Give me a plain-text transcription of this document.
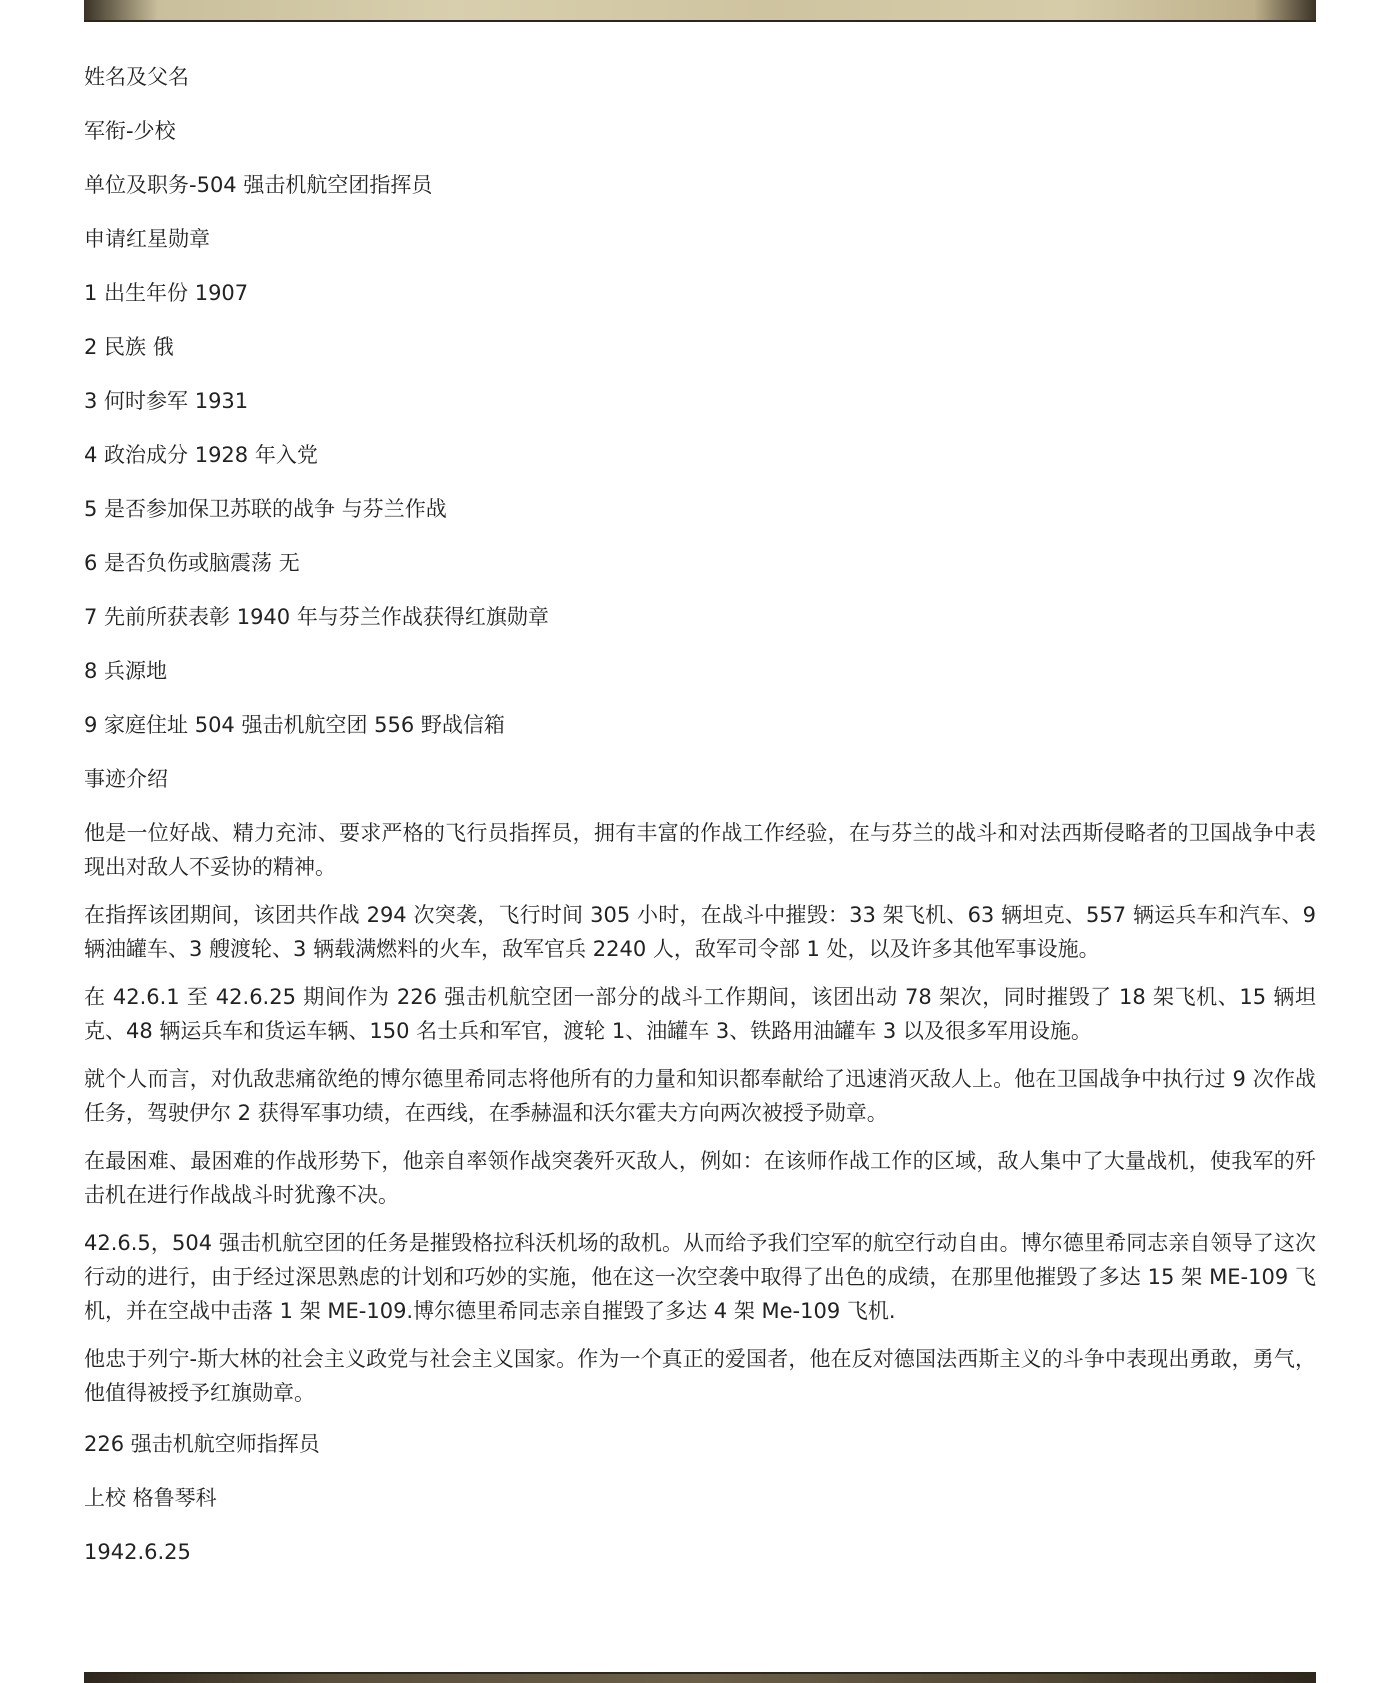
姓名及父名
军衔-少校
单位及职务-504 强击机航空团指挥员
申请红星勋章
1 出生年份 1907
2 民族 俄
3 何时参军 1931
4 政治成分 1928 年入党
5 是否参加保卫苏联的战争 与芬兰作战
6 是否负伤或脑震荡 无
7 先前所获表彰 1940 年与芬兰作战获得红旗勋章
8 兵源地
9 家庭住址 504 强击机航空团 556 野战信箱
事迹介绍

他是一位好战、精力充沛、要求严格的飞行员指挥员，拥有丰富的作战工作经验，在与芬兰的战斗和对法西斯侵略者的卫国战争中表现出对敌人不妥协的精神。

在指挥该团期间，该团共作战 294 次突袭，飞行时间 305 小时，在战斗中摧毁：33 架飞机、63 辆坦克、557 辆运兵车和汽车、9 辆油罐车、3 艘渡轮、3 辆载满燃料的火车，敌军官兵 2240 人，敌军司令部 1 处，以及许多其他军事设施。

在 42.6.1 至 42.6.25 期间作为 226 强击机航空团一部分的战斗工作期间，该团出动 78 架次，同时摧毁了 18 架飞机、15 辆坦克、48 辆运兵车和货运车辆、150 名士兵和军官，渡轮 1、油罐车 3、铁路用油罐车 3 以及很多军用设施。

就个人而言，对仇敌悲痛欲绝的博尔德里希同志将他所有的力量和知识都奉献给了迅速消灭敌人上。他在卫国战争中执行过 9 次作战任务，驾驶伊尔 2 获得军事功绩，在西线，在季赫温和沃尔霍夫方向两次被授予勋章。

在最困难、最困难的作战形势下，他亲自率领作战突袭歼灭敌人，例如：在该师作战工作的区域，敌人集中了大量战机，使我军的歼击机在进行作战战斗时犹豫不决。

42.6.5，504 强击机航空团的任务是摧毁格拉科沃机场的敌机。从而给予我们空军的航空行动自由。博尔德里希同志亲自领导了这次行动的进行，由于经过深思熟虑的计划和巧妙的实施，他在这一次空袭中取得了出色的成绩，在那里他摧毁了多达 15 架 ME-109 飞机，并在空战中击落 1 架 ME-109.博尔德里希同志亲自摧毁了多达 4 架 Me-109 飞机.

他忠于列宁-斯大林的社会主义政党与社会主义国家。作为一个真正的爱国者，他在反对德国法西斯主义的斗争中表现出勇敢，勇气，他值得被授予红旗勋章。

226 强击机航空师指挥员
上校 格鲁琴科
1942.6.25
